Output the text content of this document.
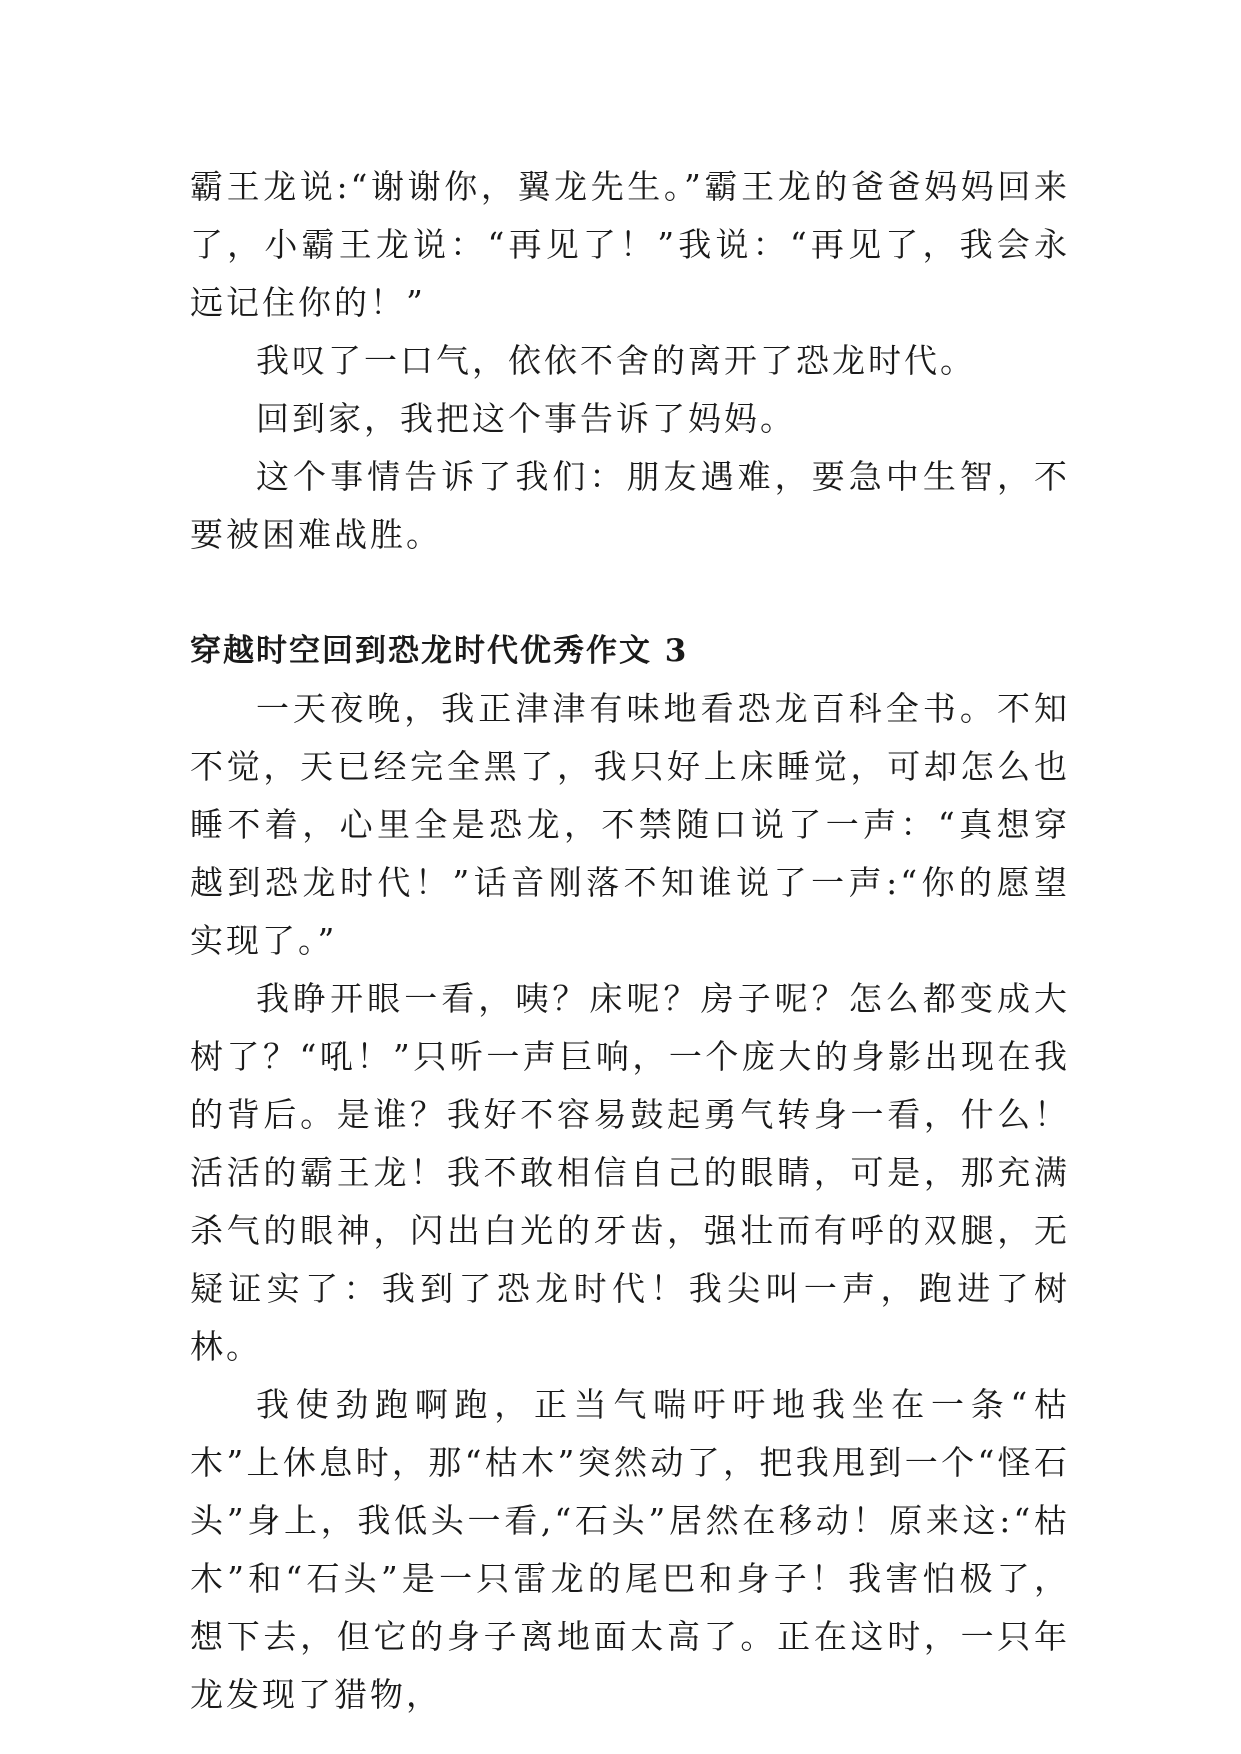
霸王龙说:“谢谢你，翼龙先生。”霸王龙的爸爸妈妈回来了，小霸王龙说：“再见了！”我说：“再见了，我会永远记住你的！”

我叹了一口气，依依不舍的离开了恐龙时代。

回到家，我把这个事告诉了妈妈。

这个事情告诉了我们：朋友遇难，要急中生智，不要被困难战胜。

穿越时空回到恐龙时代优秀作文 3

一天夜晚，我正津津有味地看恐龙百科全书。不知不觉，天已经完全黑了，我只好上床睡觉，可却怎么也睡不着，心里全是恐龙，不禁随口说了一声：“真想穿越到恐龙时代！”话音刚落不知谁说了一声:“你的愿望实现了。”

我睁开眼一看，咦？床呢？房子呢？怎么都变成大树了？“吼！”只听一声巨响，一个庞大的身影出现在我的背后。是谁？我好不容易鼓起勇气转身一看，什么！活活的霸王龙！我不敢相信自己的眼睛，可是，那充满杀气的眼神，闪出白光的牙齿，强壮而有呼的双腿，无疑证实了：我到了恐龙时代！我尖叫一声，跑进了树林。

我使劲跑啊跑，正当气喘吁吁地我坐在一条“枯木”上休息时，那“枯木”突然动了，把我甩到一个“怪石头”身上，我低头一看,“石头”居然在移动！原来这:“枯木”和“石头”是一只雷龙的尾巴和身子！我害怕极了，想下去，但它的身子离地面太高了。正在这时，一只年龙发现了猎物，
